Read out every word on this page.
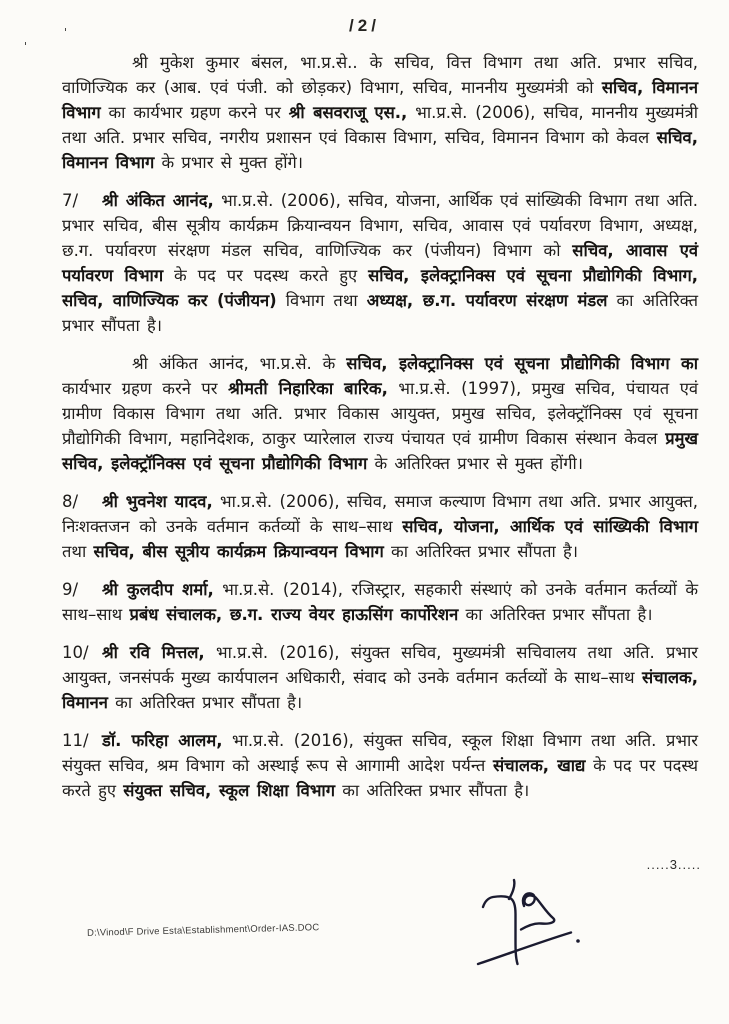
'
'	/2/

श्री मुकेश कुमार बंसल, भा.प्र.से.. के सचिव, वित्त विभाग तथा अति. प्रभार सचिव, वाणिज्यिक कर (आब. एवं पंजी. को छोड़कर) विभाग, सचिव, माननीय मुख्यमंत्री को सचिव, विमानन विभाग का कार्यभार ग्रहण करने पर श्री बसवराजू एस., भा.प्र.से. (2006), सचिव, माननीय मुख्यमंत्री तथा अति. प्रभार सचिव, नगरीय प्रशासन एवं विकास विभाग, सचिव, विमानन विभाग को केवल सचिव, विमानन विभाग के प्रभार से मुक्त होंगे।

7/ श्री अंकित आनंद, भा.प्र.से. (2006), सचिव, योजना, आर्थिक एवं सांख्यिकी विभाग तथा अति. प्रभार सचिव, बीस सूत्रीय कार्यक्रम क्रियान्वयन विभाग, सचिव, आवास एवं पर्यावरण विभाग, अध्यक्ष, छ.ग. पर्यावरण संरक्षण मंडल सचिव, वाणिज्यिक कर (पंजीयन) विभाग को सचिव, आवास एवं पर्यावरण विभाग के पद पर पदस्थ करते हुए सचिव, इलेक्ट्रानिक्स एवं सूचना प्रौद्योगिकी विभाग, सचिव, वाणिज्यिक कर (पंजीयन) विभाग तथा अध्यक्ष, छ.ग. पर्यावरण संरक्षण मंडल का अतिरिक्त प्रभार सौंपता है।

श्री अंकित आनंद, भा.प्र.से. के सचिव, इलेक्ट्रानिक्स एवं सूचना प्रौद्योगिकी विभाग का कार्यभार ग्रहण करने पर श्रीमती निहारिका बारिक, भा.प्र.से. (1997), प्रमुख सचिव, पंचायत एवं ग्रामीण विकास विभाग तथा अति. प्रभार विकास आयुक्त, प्रमुख सचिव, इलेक्ट्रॉनिक्स एवं सूचना प्रौद्योगिकी विभाग, महानिदेशक, ठाकुर प्यारेलाल राज्य पंचायत एवं ग्रामीण विकास संस्थान केवल प्रमुख सचिव, इलेक्ट्रॉनिक्स एवं सूचना प्रौद्योगिकी विभाग के अतिरिक्त प्रभार से मुक्त होंगी।

8/ श्री भुवनेश यादव, भा.प्र.से. (2006), सचिव, समाज कल्याण विभाग तथा अति. प्रभार आयुक्त, निःशक्तजन को उनके वर्तमान कर्तव्यों के साथ–साथ सचिव, योजना, आर्थिक एवं सांख्यिकी विभाग तथा सचिव, बीस सूत्रीय कार्यक्रम क्रियान्वयन विभाग का अतिरिक्त प्रभार सौंपता है।

9/ श्री कुलदीप शर्मा, भा.प्र.से. (2014), रजिस्ट्रार, सहकारी संस्थाएं को उनके वर्तमान कर्तव्यों के साथ–साथ प्रबंध संचालक, छ.ग. राज्य वेयर हाऊसिंग कार्पोरेशन का अतिरिक्त प्रभार सौंपता है।

10/ श्री रवि मित्तल, भा.प्र.से. (2016), संयुक्त सचिव, मुख्यमंत्री सचिवालय तथा अति. प्रभार आयुक्त, जनसंपर्क मुख्य कार्यपालन अधिकारी, संवाद को उनके वर्तमान कर्तव्यों के साथ–साथ संचालक, विमानन का अतिरिक्त प्रभार सौंपता है।

11/ डॉ. फरिहा आलम, भा.प्र.से. (2016), संयुक्त सचिव, स्कूल शिक्षा विभाग तथा अति. प्रभार संयुक्त सचिव, श्रम विभाग को अस्थाई रूप से आगामी आदेश पर्यन्त संचालक, खाद्य के पद पर पदस्थ करते हुए संयुक्त सचिव, स्कूल शिक्षा विभाग का अतिरिक्त प्रभार सौंपता है।

.....3.....
D:\Vinod\F Drive Esta\Establishment\Order-IAS.DOC
